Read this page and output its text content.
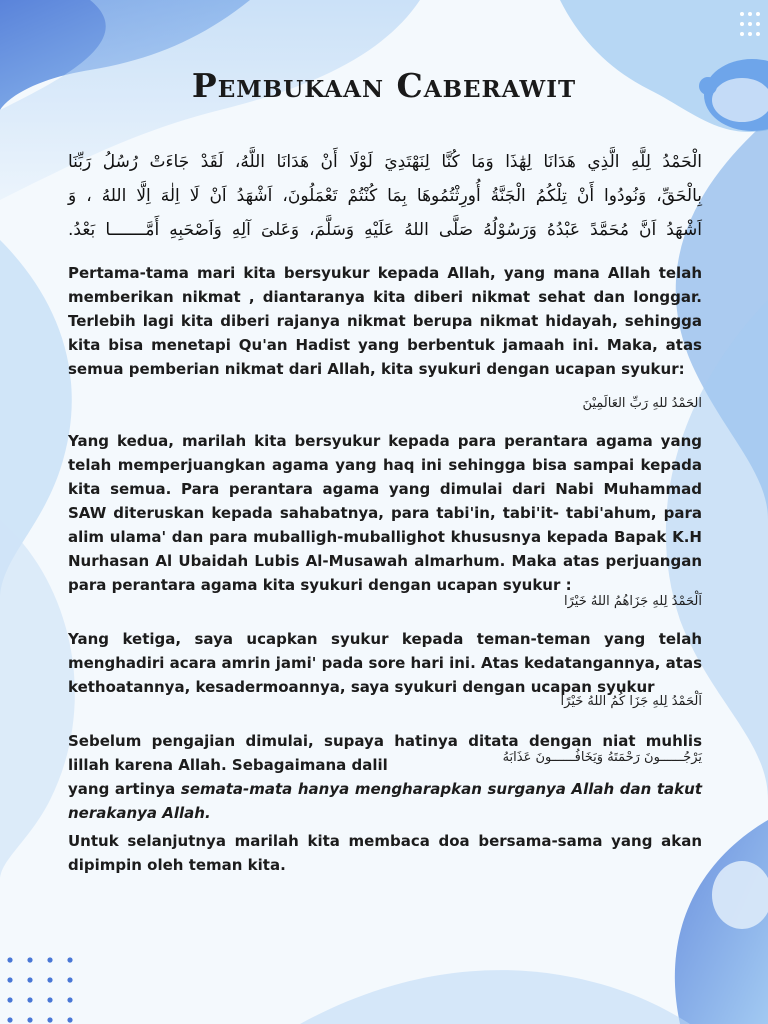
Pembukaan Caberawit
الْحَمْدُ لِلَّهِ الَّذِي هَدَانَا لِهَٰذَا وَمَا كُنَّا لِنَهْتَدِيَ لَوْلَا أَنْ هَدَانَا اللَّهُ، لَقَدْ جَاءَتْ رُسُلُ رَبِّنَا
بِالْحَقِّ، وَنُودُوا أَنْ تِلْكُمُ الْجَنَّةُ أُورِثْتُمُوهَا بِمَا كُنْتُمْ تَعْمَلُونَ، اَشْهَدُ اَنْ لَا اِلٰهَ اِلَّا اللهُ ، وَ
اَشْهَدُ اَنَّ مُحَمَّدً عَبْدُهُ وَرَسُوْلُهُ صَلَّى اللهُ عَلَيْهِ وَسَلَّمَ، وَعَلىَ آلِهِ وَاَصْحَبِهِ أَمَّـــــــا بَعْدُ.

Pertama-tama mari kita bersyukur kepada Allah, yang mana Allah telah memberikan nikmat , diantaranya kita diberi nikmat sehat dan longgar. Terlebih lagi kita diberi rajanya nikmat berupa nikmat hidayah, sehingga kita bisa menetapi Qu'an Hadist yang berbentuk jamaah ini. Maka, atas semua pemberian nikmat dari Allah, kita syukuri dengan ucapan syukur:

الحَمْدُ للهِ رَبِّ العَالَمِيْنَ

Yang kedua, marilah kita bersyukur kepada para perantara agama yang telah memperjuangkan agama yang haq ini sehingga bisa sampai kepada kita semua. Para perantara agama yang dimulai dari Nabi Muhammad SAW diteruskan kepada sahabatnya, para tabi'in, tabi'it- tabi'ahum, para alim ulama' dan para muballigh-muballighot khususnya kepada Bapak K.H Nurhasan Al Ubaidah Lubis Al-Musawah almarhum. Maka atas perjuangan para perantara agama kita syukuri dengan ucapan syukur :

اَلْحَمْدُ لِلهِ جَزَاهُمُ اللهُ خَيْرًا

Yang ketiga, saya ucapkan syukur kepada teman-teman yang telah menghadiri acara amrin jami' pada sore hari ini. Atas kedatangannya, atas kethoatannya, kesadermoannya, saya syukuri dengan ucapan syukur

اَلْحَمْدُ لِلهِ جَزَا كُمُ اللهُ خَيْرًا

Sebelum pengajian dimulai, supaya hatinya ditata dengan niat muhlis lillah karena Allah. Sebagaimana dalil
yang artinya semata-mata hanya mengharapkan surganya Allah dan takut nerakanya Allah.

يَرْجُــــــونَ رَحْمَتَهُ وَيَخَافُــــــونَ عَذَابَهُ

Untuk selanjutnya marilah kita membaca doa bersama-sama yang akan dipimpin oleh teman kita.
